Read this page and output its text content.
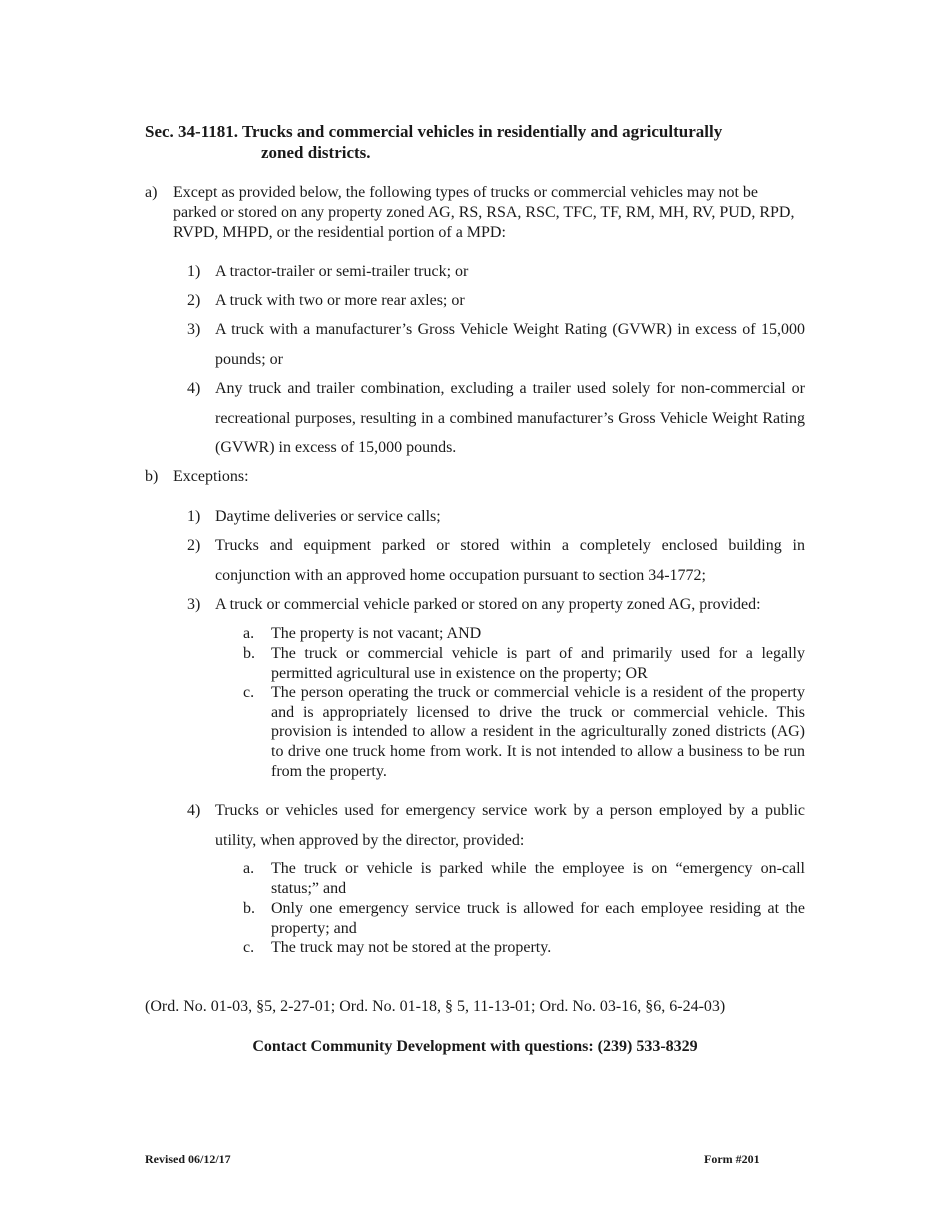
Sec. 34-1181. Trucks and commercial vehicles in residentially and agriculturally
zoned districts.
a) Except as provided below, the following types of trucks or commercial vehicles may not be parked or stored on any property zoned AG, RS, RSA, RSC, TFC, TF, RM, MH, RV, PUD, RPD, RVPD, MHPD, or the residential portion of a MPD:
1) A tractor-trailer or semi-trailer truck; or
2) A truck with two or more rear axles; or
3) A truck with a manufacturer’s Gross Vehicle Weight Rating (GVWR) in excess of 15,000 pounds; or
4) Any truck and trailer combination, excluding a trailer used solely for non-commercial or recreational purposes, resulting in a combined manufacturer’s Gross Vehicle Weight Rating (GVWR) in excess of 15,000 pounds.
b) Exceptions:
1) Daytime deliveries or service calls;
2) Trucks and equipment parked or stored within a completely enclosed building in conjunction with an approved home occupation pursuant to section 34-1772;
3) A truck or commercial vehicle parked or stored on any property zoned AG, provided:
a. The property is not vacant; AND
b. The truck or commercial vehicle is part of and primarily used for a legally permitted agricultural use in existence on the property; OR
c. The person operating the truck or commercial vehicle is a resident of the property and is appropriately licensed to drive the truck or commercial vehicle. This provision is intended to allow a resident in the agriculturally zoned districts (AG) to drive one truck home from work. It is not intended to allow a business to be run from the property.
4) Trucks or vehicles used for emergency service work by a person employed by a public utility, when approved by the director, provided:
a. The truck or vehicle is parked while the employee is on “emergency on-call status;” and
b. Only one emergency service truck is allowed for each employee residing at the property; and
c. The truck may not be stored at the property.
(Ord. No. 01-03, §5, 2-27-01; Ord. No. 01-18, § 5, 11-13-01; Ord. No. 03-16, §6, 6-24-03)
Contact Community Development with questions: (239) 533-8329
Revised 06/12/17	Form #201
